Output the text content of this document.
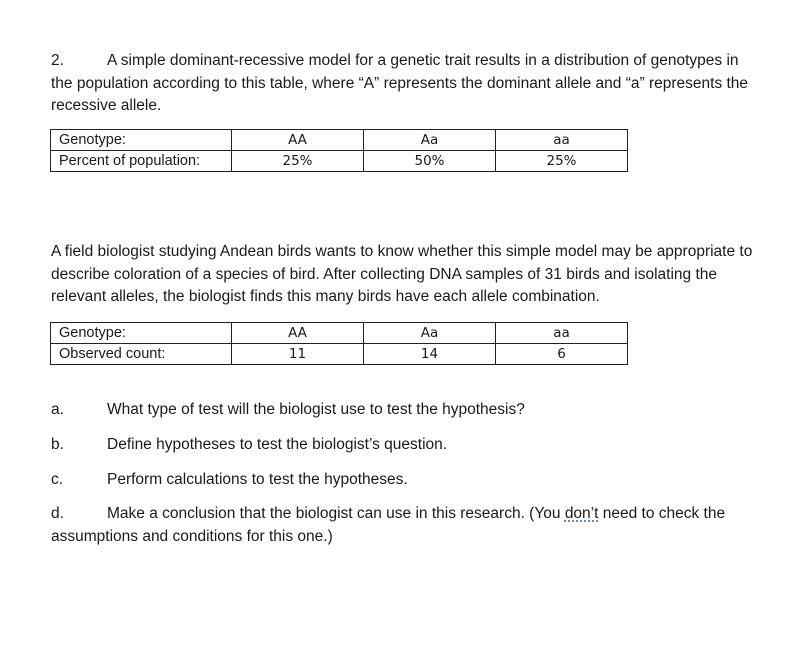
2.	A simple dominant-recessive model for a genetic trait results in a distribution of genotypes in
the population according to this table, where “A” represents the dominant allele and “a” represents the
recessive allele.

Genotype:	AA	Aa	aa
Percent of population:	25%	50%	25%

A field biologist studying Andean birds wants to know whether this simple model may be appropriate to
describe coloration of a species of bird. After collecting DNA samples of 31 birds and isolating the
relevant alleles, the biologist finds this many birds have each allele combination.

Genotype:	AA	Aa	aa
Observed count:	11	14	6
a.	What type of test will the biologist use to test the hypothesis?
b.	Define hypotheses to test the biologist’s question.
c.	Perform calculations to test the hypotheses.
d.	Make a conclusion that the biologist can use in this research. (You don’t need to check the
assumptions and conditions for this one.)
